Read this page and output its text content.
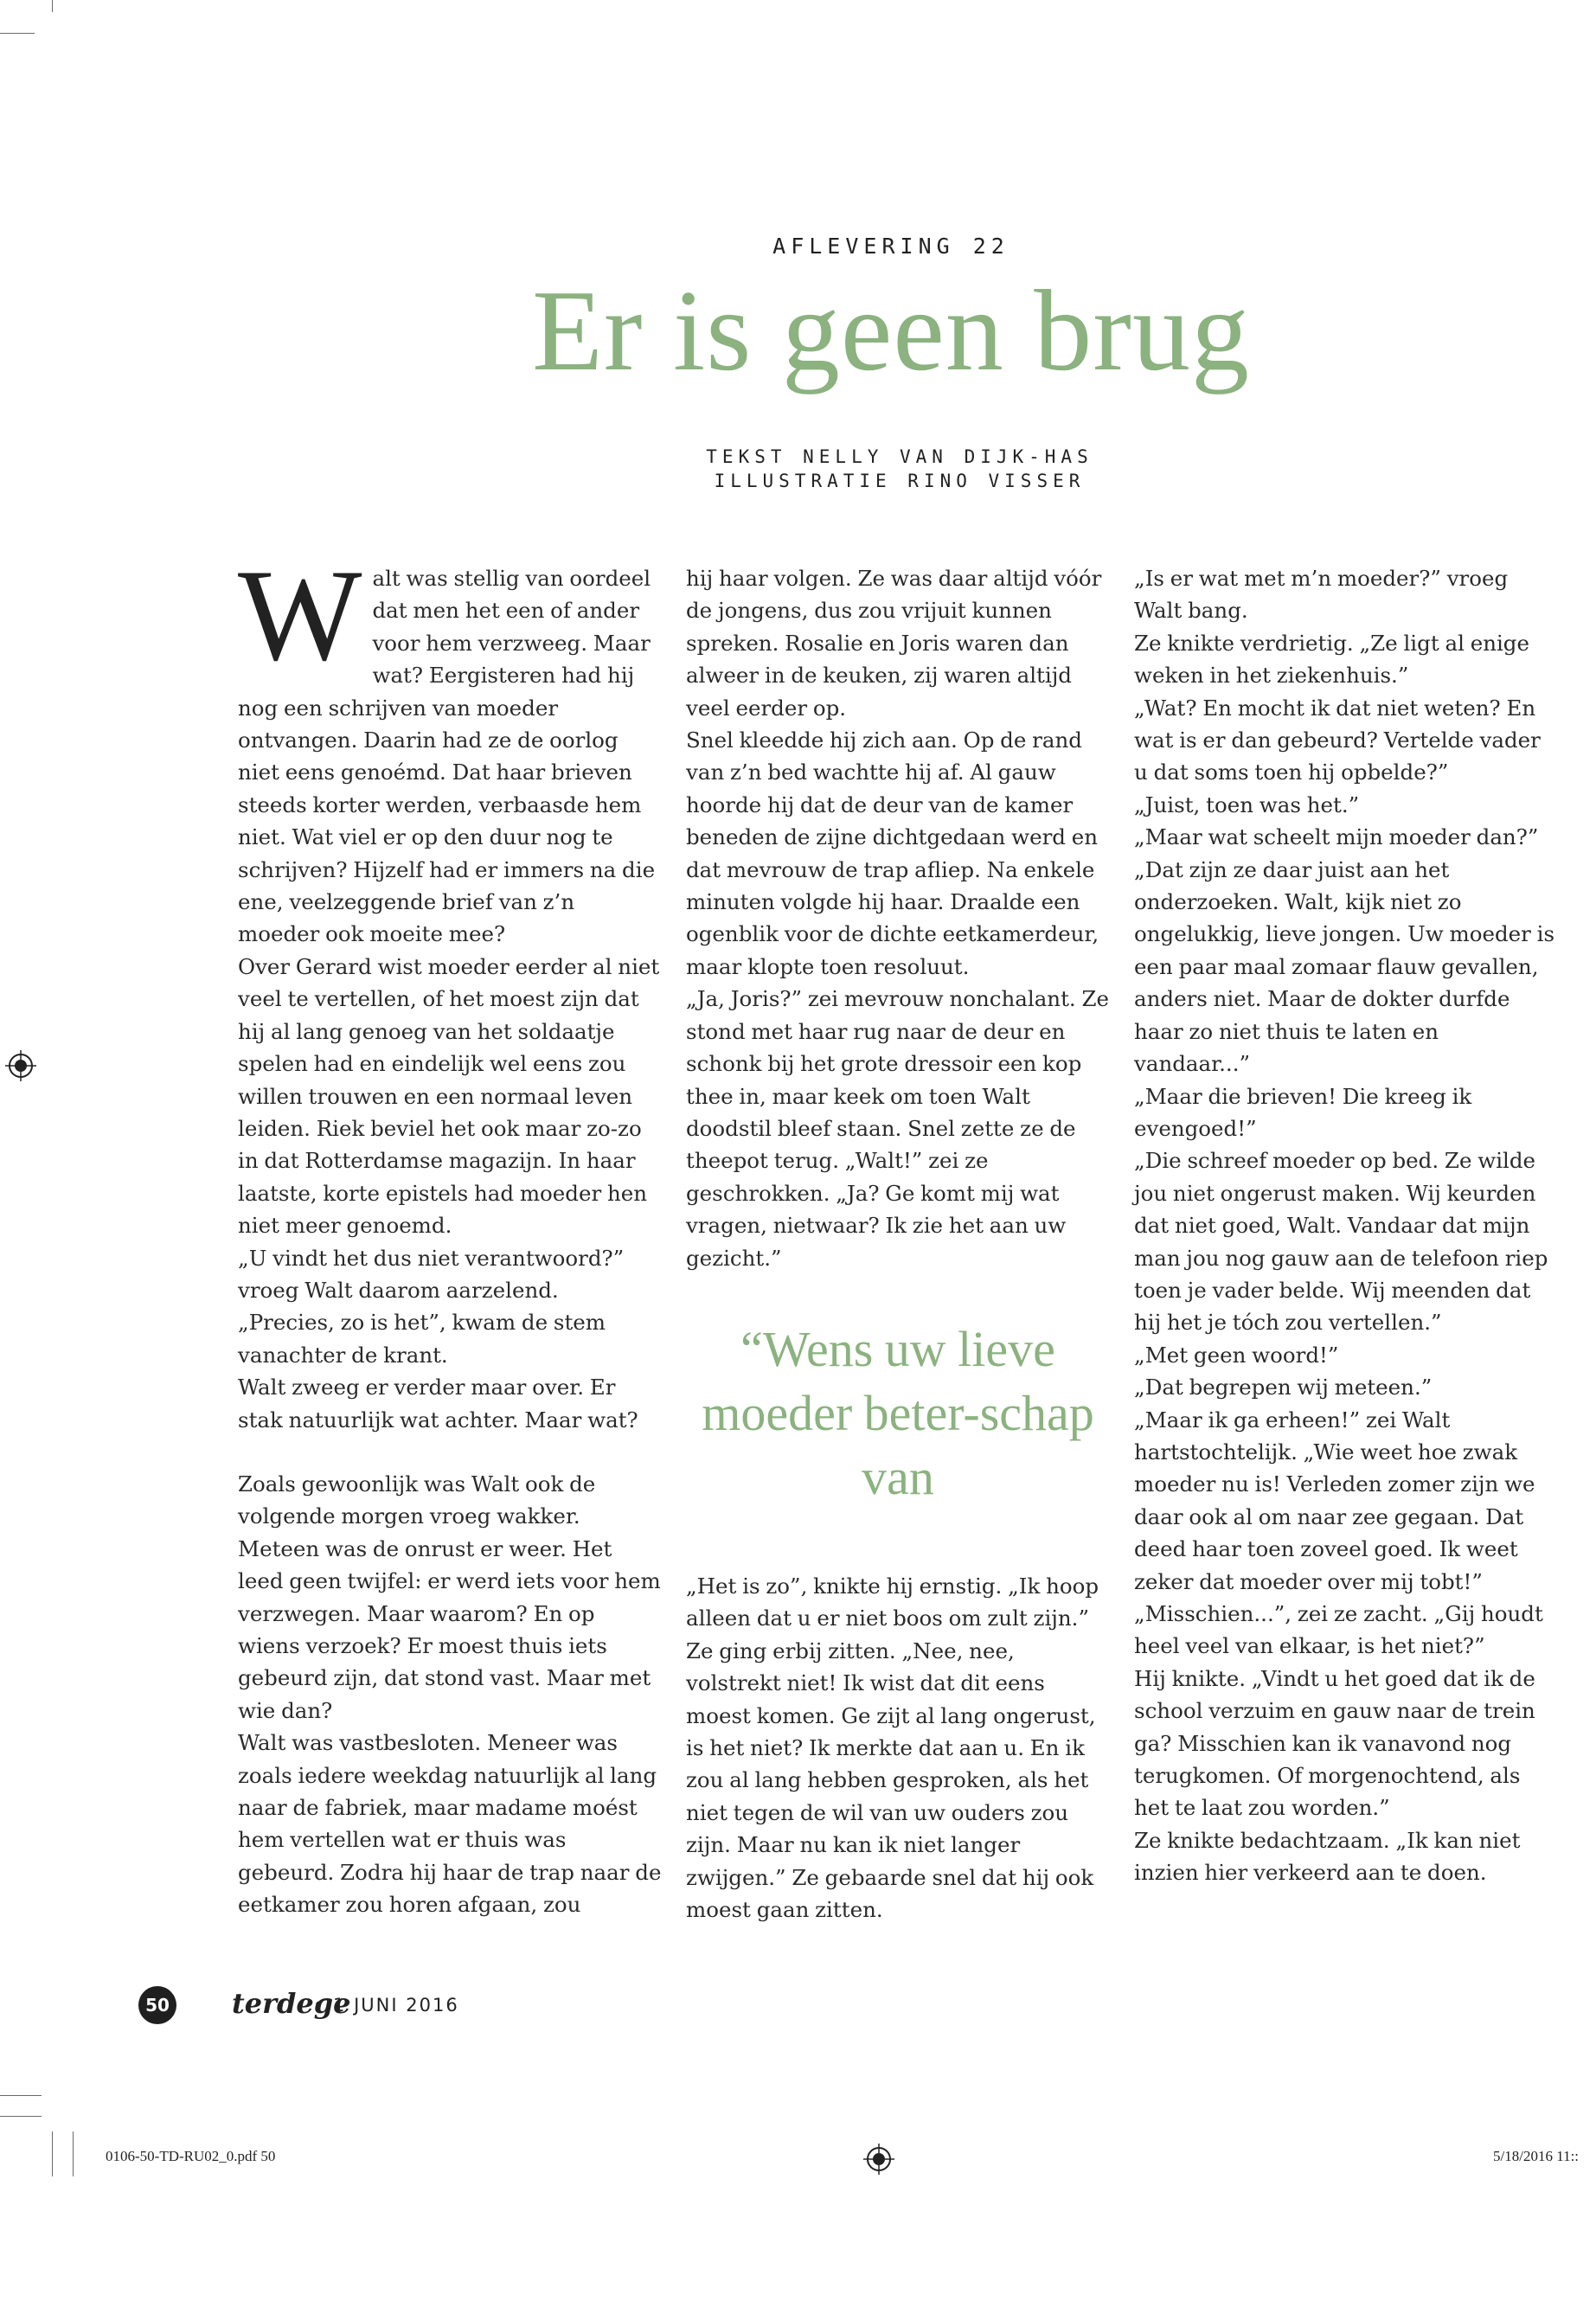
AFLEVERING 22
Er is geen brug
TEKST NELLY VAN DIJK-HAS
ILLUSTRATIE RINO VISSER

Walt was stellig van oordeel dat men het een of ander voor hem verzweeg. Maar wat? Eergisteren had hij nog een schrijven van moeder ontvangen. Daarin had ze de oorlog niet eens genoémd. Dat haar brieven steeds korter werden, verbaasde hem niet. Wat viel er op den duur nog te schrijven? Hijzelf had er immers na die ene, veelzeggende brief van z’n moeder ook moeite mee?

Over Gerard wist moeder eerder al niet veel te vertellen, of het moest zijn dat hij al lang genoeg van het soldaatje spelen had en eindelijk wel eens zou willen trouwen en een normaal leven leiden. Riek beviel het ook maar zo-zo in dat Rotterdamse magazijn. In haar laatste, korte epistels had moeder hen niet meer genoemd.

„U vindt het dus niet verantwoord?” vroeg Walt daarom aarzelend.

„Precies, zo is het”, kwam de stem vanachter de krant.

Walt zweeg er verder maar over. Er stak natuurlijk wat achter. Maar wat?

Zoals gewoonlijk was Walt ook de volgende morgen vroeg wakker. Meteen was de onrust er weer. Het leed geen twijfel: er werd iets voor hem verzwegen. Maar waarom? En op wiens verzoek? Er moest thuis iets gebeurd zijn, dat stond vast. Maar met wie dan?

Walt was vastbesloten. Meneer was zoals iedere weekdag natuurlijk al lang naar de fabriek, maar madame moést hem vertellen wat er thuis was gebeurd. Zodra hij haar de trap naar de eetkamer zou horen afgaan, zou

hij haar volgen. Ze was daar altijd vóór de jongens, dus zou vrijuit kunnen spreken. Rosalie en Joris waren dan alweer in de keuken, zij waren altijd veel eerder op.

Snel kleedde hij zich aan. Op de rand van z’n bed wachtte hij af. Al gauw hoorde hij dat de deur van de kamer beneden de zijne dichtgedaan werd en dat mevrouw de trap afliep. Na enkele minuten volgde hij haar. Draalde een ogenblik voor de dichte eetkamerdeur, maar klopte toen resoluut.

„Ja, Joris?” zei mevrouw nonchalant. Ze stond met haar rug naar de deur en schonk bij het grote dressoir een kop thee in, maar keek om toen Walt doodstil bleef staan. Snel zette ze de theepot terug. „Walt!” zei ze geschrokken. „Ja? Ge komt mij wat vragen, nietwaar? Ik zie het aan uw gezicht.”

“Wens uw lieve moeder beter-schap van

„Het is zo”, knikte hij ernstig. „Ik hoop alleen dat u er niet boos om zult zijn.”

Ze ging erbij zitten. „Nee, nee, volstrekt niet! Ik wist dat dit eens moest komen. Ge zijt al lang ongerust, is het niet? Ik merkte dat aan u. En ik zou al lang hebben gesproken, als het niet tegen de wil van uw ouders zou zijn. Maar nu kan ik niet langer zwijgen.” Ze gebaarde snel dat hij ook moest gaan zitten.

„Is er wat met m’n moeder?” vroeg Walt bang.

Ze knikte verdrietig. „Ze ligt al enige weken in het ziekenhuis.”

„Wat? En mocht ik dat niet weten? En wat is er dan gebeurd? Vertelde vader u dat soms toen hij opbelde?”

„Juist, toen was het.”

„Maar wat scheelt mijn moeder dan?”

„Dat zijn ze daar juist aan het onderzoeken. Walt, kijk niet zo ongelukkig, lieve jongen. Uw moeder is een paar maal zomaar flauw gevallen, anders niet. Maar de dokter durfde haar zo niet thuis te laten en vandaar...”

„Maar die brieven! Die kreeg ik evengoed!”

„Die schreef moeder op bed. Ze wilde jou niet ongerust maken. Wij keurden dat niet goed, Walt. Vandaar dat mijn man jou nog gauw aan de telefoon riep toen je vader belde. Wij meenden dat hij het je tóch zou vertellen.”

„Met geen woord!”

„Dat begrepen wij meteen.”

„Maar ik ga erheen!” zei Walt hartstochtelijk. „Wie weet hoe zwak moeder nu is! Verleden zomer zijn we daar ook al om naar zee gegaan. Dat deed haar toen zoveel goed. Ik weet zeker dat moeder over mij tobt!”

„Misschien...”, zei ze zacht. „Gij houdt heel veel van elkaar, is het niet?”

Hij knikte. „Vindt u het goed dat ik de school verzuim en gauw naar de trein ga? Misschien kan ik vanavond nog terugkomen. Of morgenochtend, als het te laat zou worden.”

Ze knikte bedachtzaam. „Ik kan niet inzien hier verkeerd aan te doen.

50 terdege
• 1 JUNI 2016
0106-50-TD-RU02_0.pdf 50	5/18/2016 11::
